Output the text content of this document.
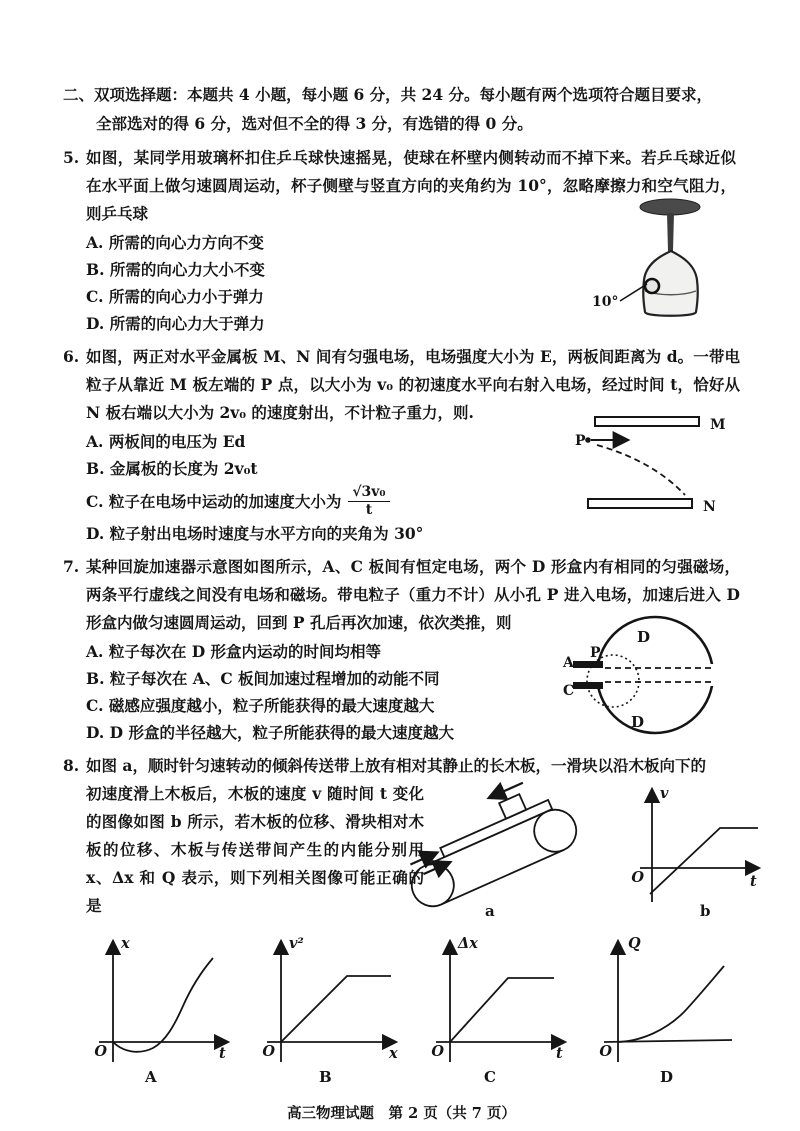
二、双项选择题：本题共 4 小题，每小题 6 分，共 24 分。每小题有两个选项符合题目要求，
全部选对的得 6 分，选对但不全的得 3 分，有选错的得 0 分。
5. 如图，某同学用玻璃杯扣住乒乓球快速摇晃，使球在杯壁内侧转动而不掉下来。若乒乓球近似在水平面上做匀速圆周运动，杯子侧壁与竖直方向的夹角约为 10°，忽略摩擦力和空气阻力，则乒乓球
A. 所需的向心力方向不变
B. 所需的向心力大小不变
C. 所需的向心力小于弹力
D. 所需的向心力大于弹力
10°
6. 如图，两正对水平金属板 M、N 间有匀强电场，电场强度大小为 E，两板间距离为 d。一带电粒子从靠近 M 板左端的 P 点，以大小为 v₀ 的初速度水平向右射入电场，经过时间 t，恰好从 N 板右端以大小为 2v₀ 的速度射出，不计粒子重力，则.
A. 两板间的电压为 Ed
B. 金属板的长度为 2v₀t
C. 粒子在电场中运动的加速度大小为 $\frac{\text{√3v₀}}{t}$
D. 粒子射出电场时速度与水平方向的夹角为 30°
M
P
N
7. 某种回旋加速器示意图如图所示，A、C 板间有恒定电场，两个 D 形盒内有相同的匀强磁场，两条平行虚线之间没有电场和磁场。带电粒子（重力不计）从小孔 P 进入电场，加速后进入 D 形盒内做匀速圆周运动，回到 P 孔后再次加速，依次类推，则
A. 粒子每次在 D 形盒内运动的时间均相等
B. 粒子每次在 A、C 板间加速过程增加的动能不同
C. 磁感应强度越小，粒子所能获得的最大速度越大
D. D 形盒的半径越大，粒子所能获得的最大速度越大
A
P
C
D
D
8. 如图 a，顺时针匀速转动的倾斜传送带上放有相对其静止的长木板，一滑块以沿木板向下的
初速度滑上木板后，木板的速度 v 随时间 t 变化的图像如图 b 所示，若木板的位移、滑块相对木板的位移、木板与传送带间产生的内能分别用 x、Δx 和 Q 表示，则下列相关图像可能正确的是	a
v
t
O
b
x
t
O
A
v²
x
O
B
Δx
t
O
C
Q
O
D
高三物理试题　第 2 页（共 7 页）
